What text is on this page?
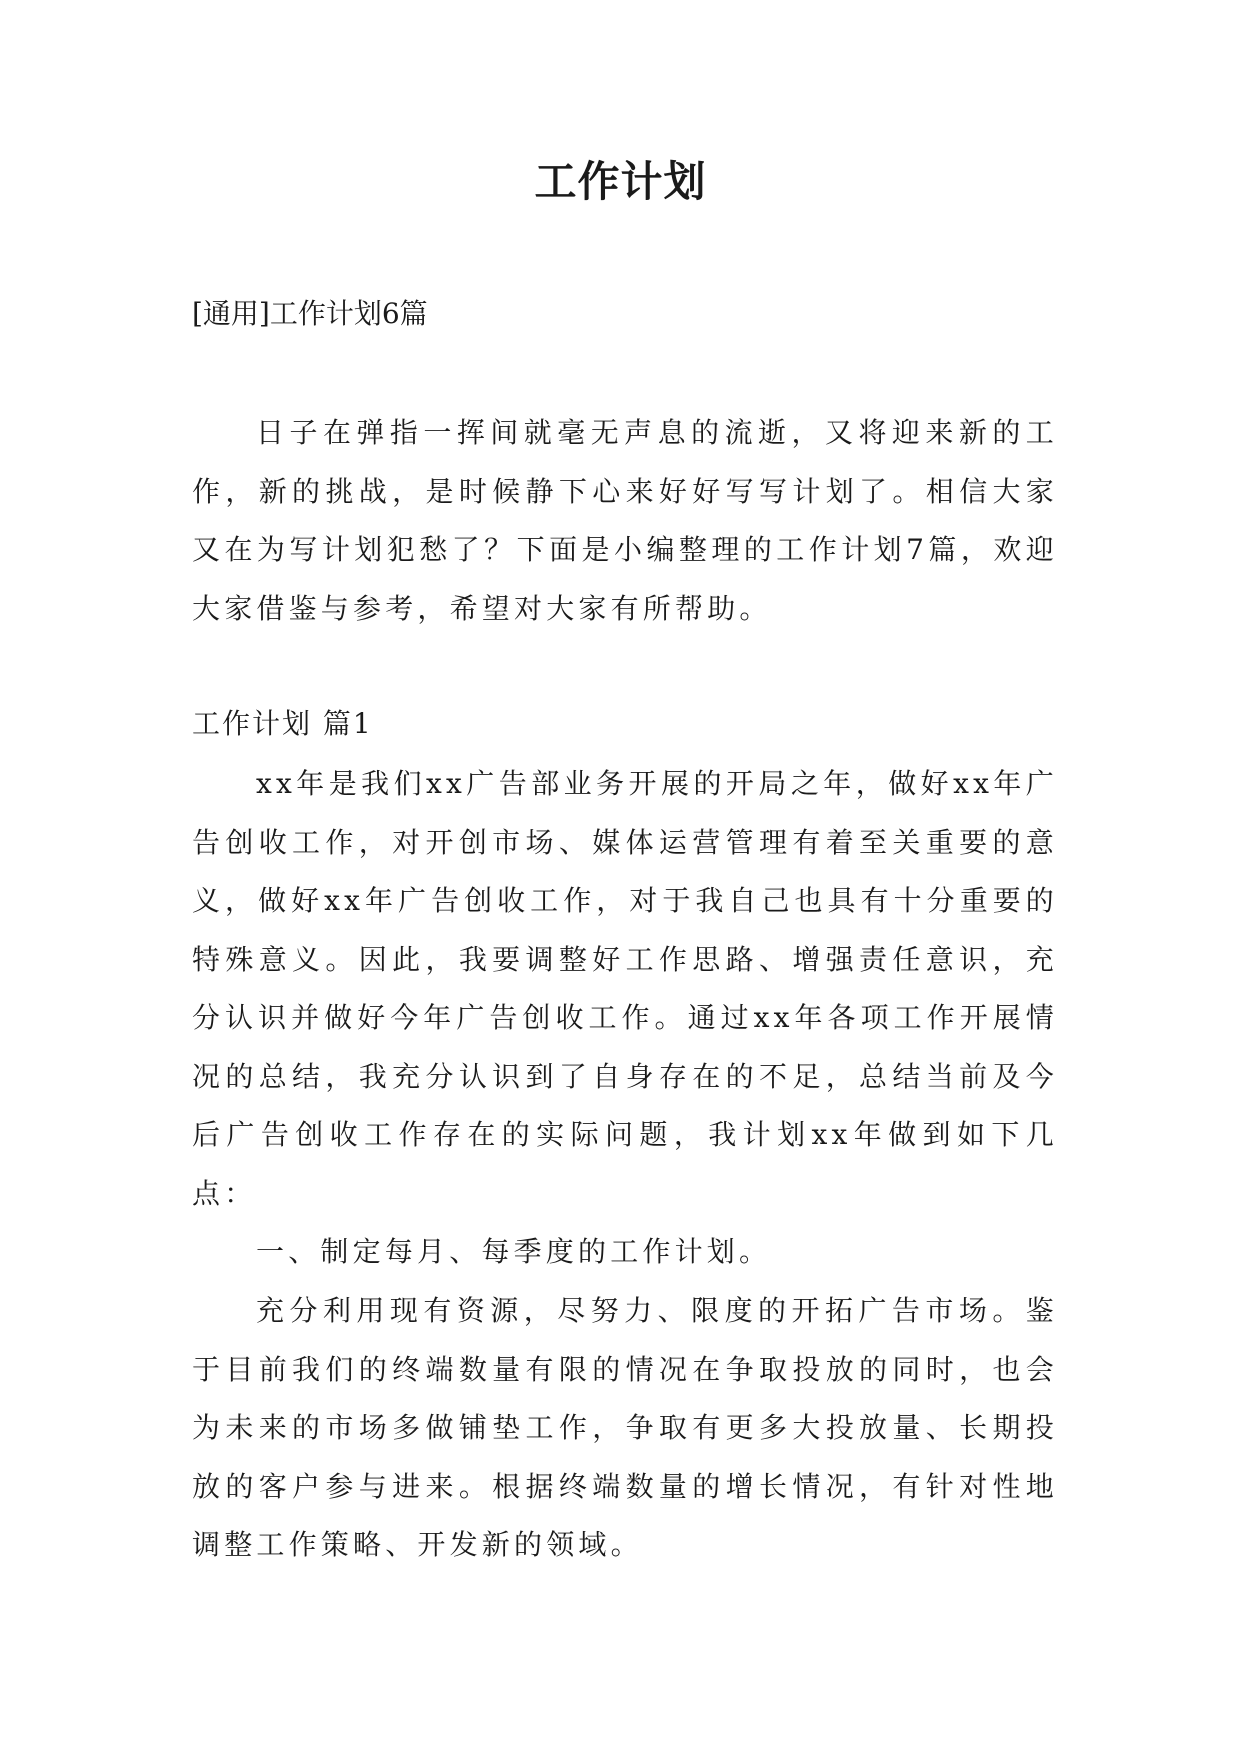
工作计划
[通用]工作计划6篇

日子在弹指一挥间就毫无声息的流逝，又将迎来新的工作，新的挑战，是时候静下心来好好写写计划了。相信大家又在为写计划犯愁了？下面是小编整理的工作计划7篇，欢迎大家借鉴与参考，希望对大家有所帮助。

工作计划 篇1

xx年是我们xx广告部业务开展的开局之年，做好xx年广告创收工作，对开创市场、媒体运营管理有着至关重要的意义，做好xx年广告创收工作，对于我自己也具有十分重要的特殊意义。因此，我要调整好工作思路、增强责任意识，充分认识并做好今年广告创收工作。通过xx年各项工作开展情况的总结，我充分认识到了自身存在的不足，总结当前及今后广告创收工作存在的实际问题，我计划xx年做到如下几点：

一、制定每月、每季度的工作计划。

充分利用现有资源，尽努力、限度的开拓广告市场。鉴于目前我们的终端数量有限的情况在争取投放的同时，也会为未来的市场多做铺垫工作，争取有更多大投放量、长期投放的客户参与进来。根据终端数量的增长情况，有针对性地调整工作策略、开发新的领域。
